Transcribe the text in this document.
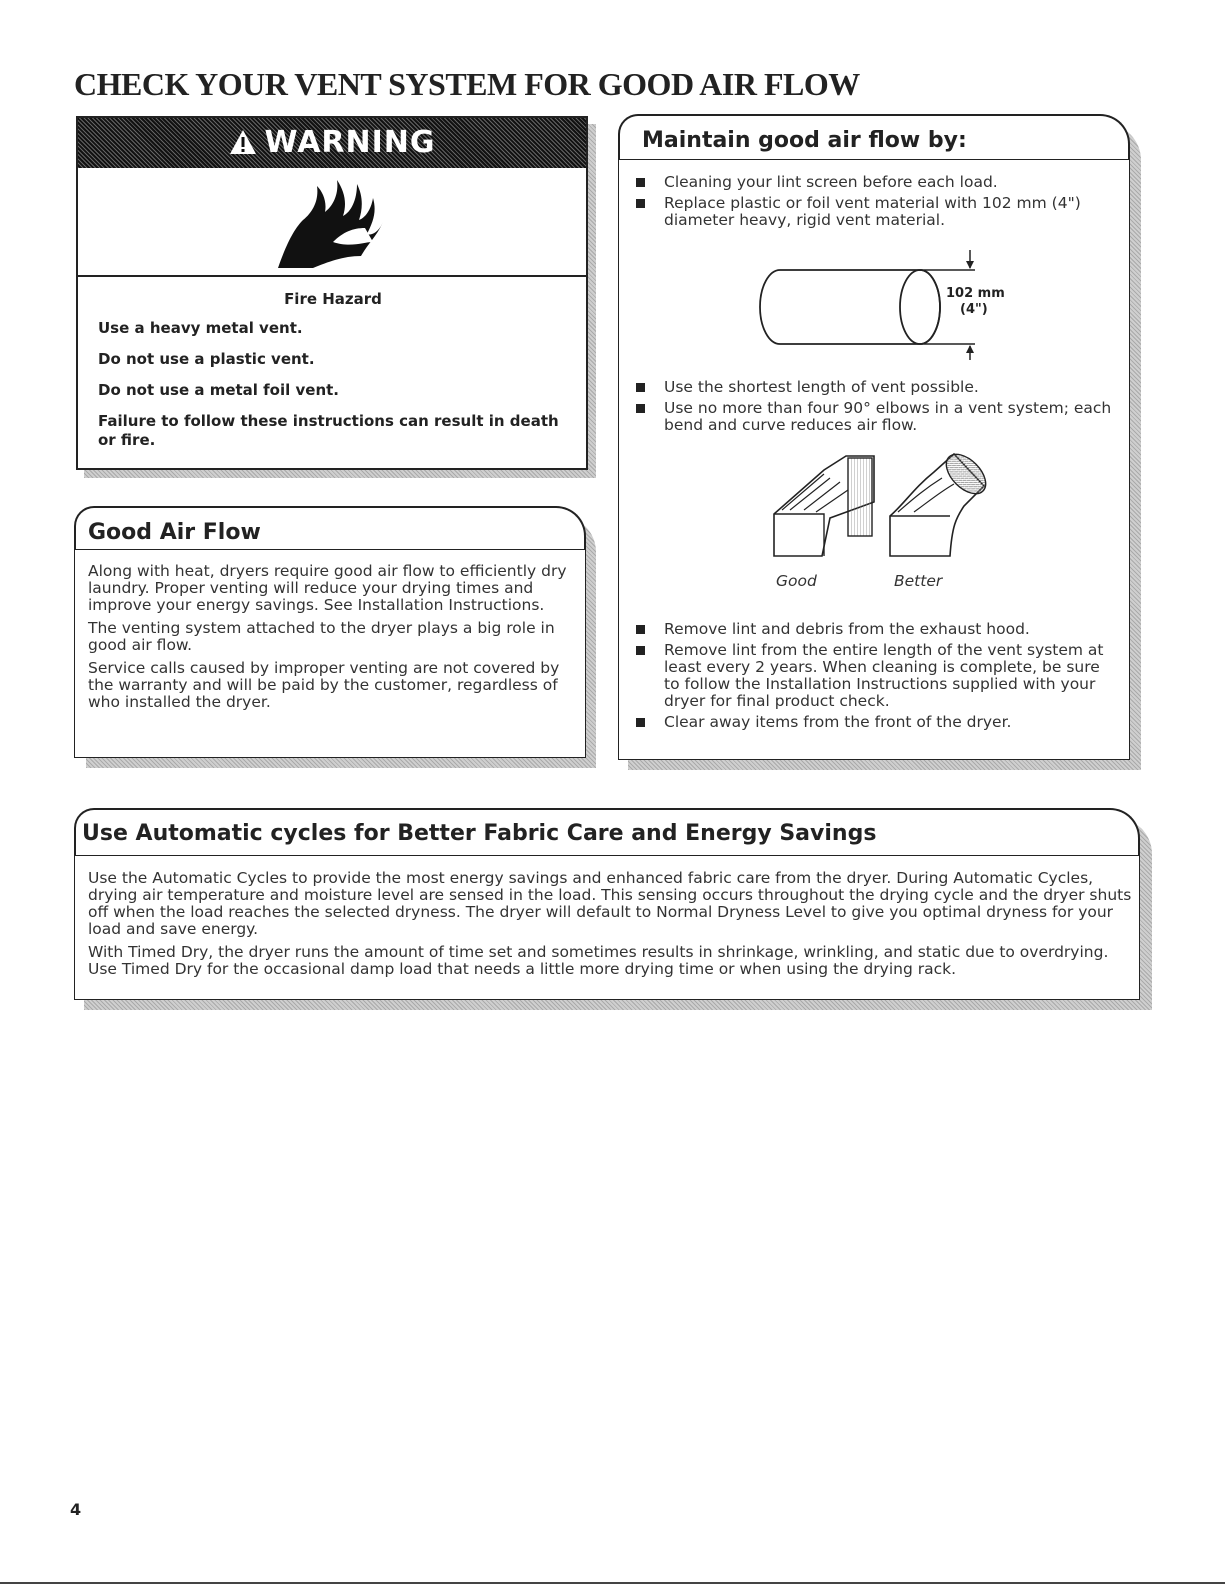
CHECK YOUR VENT SYSTEM FOR GOOD AIR FLOW
WARNING

Fire Hazard

Use a heavy metal vent.

Do not use a plastic vent.

Do not use a metal foil vent.

Failure to follow these instructions can result in death or fire.

Good Air Flow

Along with heat, dryers require good air flow to efficiently dry laundry. Proper venting will reduce your drying times and improve your energy savings. See Installation Instructions.

The venting system attached to the dryer plays a big role in good air flow.

Service calls caused by improper venting are not covered by the warranty and will be paid by the customer, regardless of who installed the dryer.

Maintain good air flow by:
Cleaning your lint screen before each load.
Replace plastic or foil vent material with 102 mm (4") diameter heavy, rigid vent material.
102 mm
(4")
Use the shortest length of vent possible.
Use no more than four 90° elbows in a vent system; each bend and curve reduces air flow.
Good	Better
Remove lint and debris from the exhaust hood.
Remove lint from the entire length of the vent system at least every 2 years. When cleaning is complete, be sure to follow the Installation Instructions supplied with your dryer for final product check.
Clear away items from the front of the dryer.
Use Automatic cycles for Better Fabric Care and Energy Savings

Use the Automatic Cycles to provide the most energy savings and enhanced fabric care from the dryer. During Automatic Cycles, drying air temperature and moisture level are sensed in the load. This sensing occurs throughout the drying cycle and the dryer shuts off when the load reaches the selected dryness. The dryer will default to Normal Dryness Level to give you optimal dryness for your load and save energy.

With Timed Dry, the dryer runs the amount of time set and sometimes results in shrinkage, wrinkling, and static due to overdrying. Use Timed Dry for the occasional damp load that needs a little more drying time or when using the drying rack.

4
